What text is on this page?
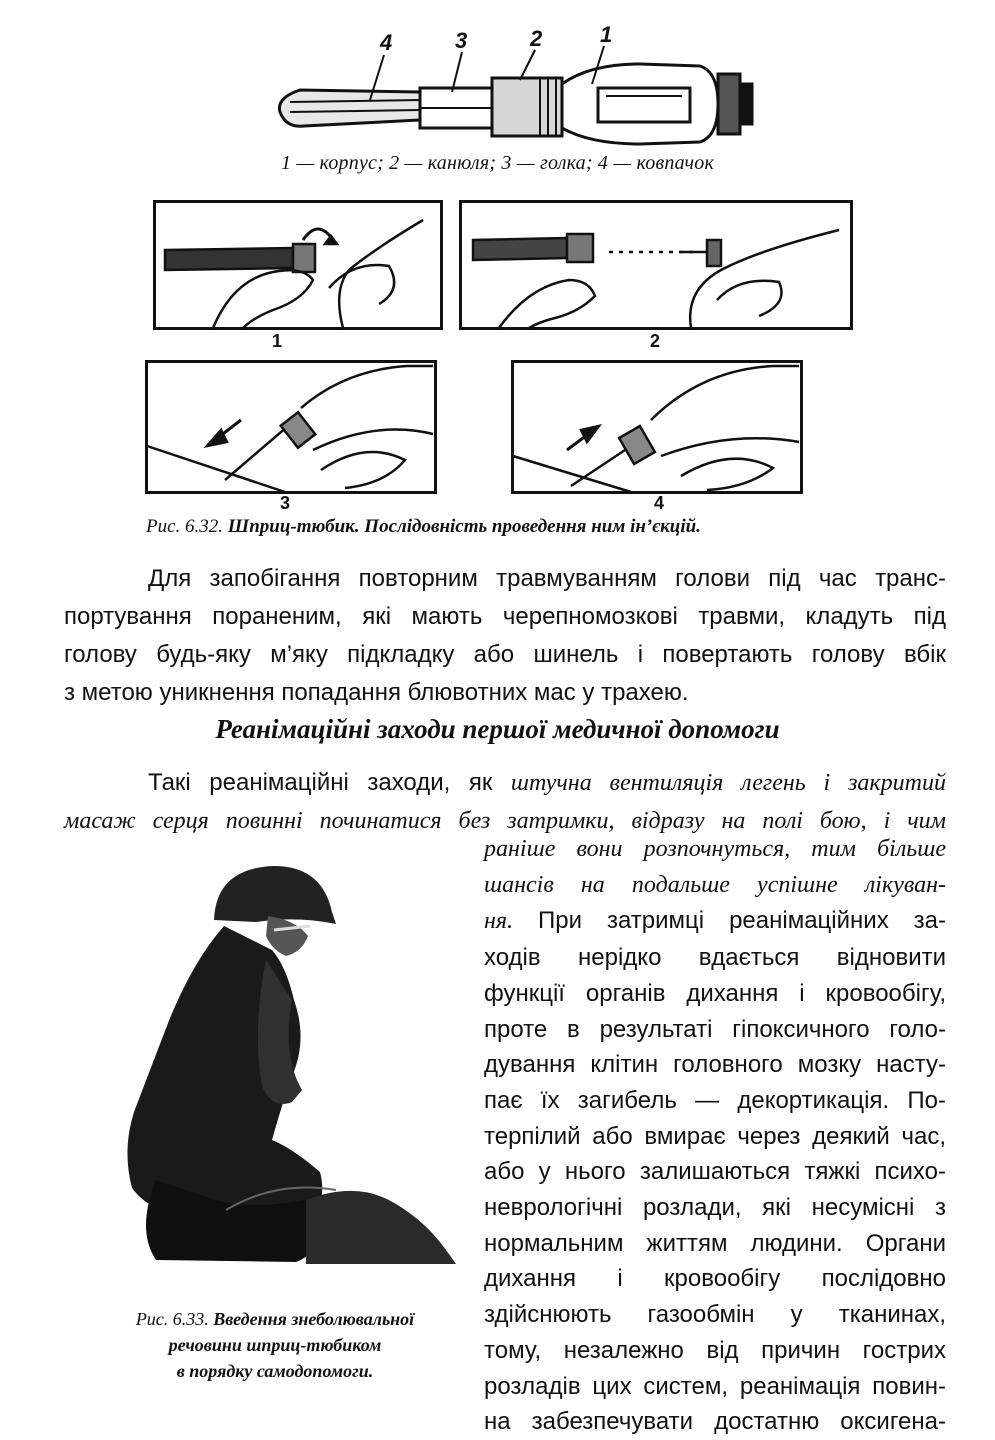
4	3	2	1
1 — корпус; 2 — канюля; 3 — голка; 4 — ковпачок
1	2
3	4
Рис. 6.32. Шприц-тюбик. Послідовність проведення ним ін’єкцій.
Для запобігання повторним травмуванням голови під час транс-
портування пораненим, які мають черепномозкові травми, кладуть під
голову будь-яку м’яку підкладку або шинель і повертають голову вбік
з метою уникнення попадання блювотних мас у трахею.
Реанімаційні заходи першої медичної допомоги
Такі реанімаційні заходи, як штучна вентиляція легень і закритий
масаж серця повинні починатися без затримки, відразу на полі бою, і чим
раніше вони розпочнуться, тим більше
шансів на подальше успішне лікуван-
ня. При затримці реанімаційних за-
ходів нерідко вдається відновити
функції органів дихання і кровообігу,
проте в результаті гіпоксичного голо-
дування клітин головного мозку насту-
пає їх загибель — декортикація. По-
терпілий або вмирає через деякий час,
або у нього залишаються тяжкі психо-
неврологічні розлади, які несумісні з
нормальним життям людини. Органи
дихання і кровообігу послідовно
здійснюють газообмін у тканинах,
тому, незалежно від причин гострих
розладів цих систем, реанімація повин-
на забезпечувати достатню оксигена-
Рис. 6.33. Введення знеболювальної
речовини шприц-тюбиком
в порядку самодопомоги.
